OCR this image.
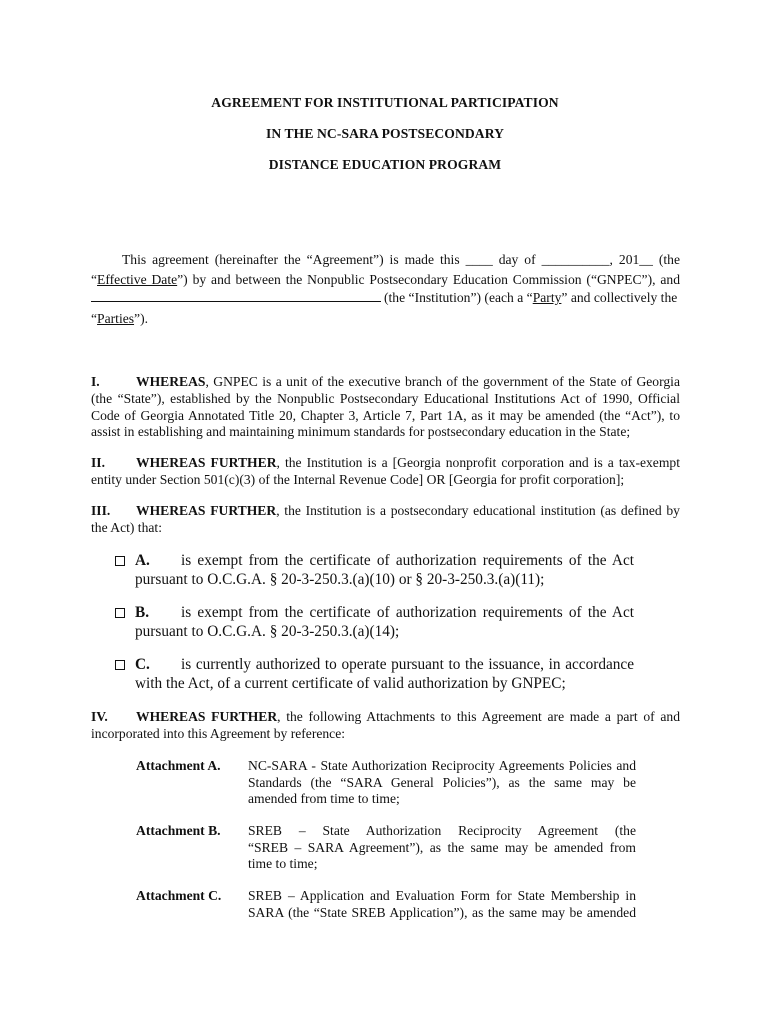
AGREEMENT FOR INSTITUTIONAL PARTICIPATION
IN THE NC-SARA POSTSECONDARY
DISTANCE EDUCATION PROGRAM
This agreement (hereinafter the “Agreement”) is made this ____ day of __________, 201__ (the
“Effective Date”) by and between the Nonpublic Postsecondary Education Commission (“GNPEC”), and
(the “Institution”) (each a “Party” and collectively the
“Parties”).
I.	WHEREAS, GNPEC is a unit of the executive branch of the government of the State of Georgia
(the “State”), established by the Nonpublic Postsecondary Educational Institutions Act of 1990, Official
Code of Georgia Annotated Title 20, Chapter 3, Article 7, Part 1A, as it may be amended (the “Act”), to
assist in establishing and maintaining minimum standards for postsecondary education in the State;
II. WHEREAS FURTHER, the Institution is a [Georgia nonprofit corporation and is a tax-exempt
entity under Section 501(c)(3) of the Internal Revenue Code] OR [Georgia for profit corporation];
III. WHEREAS FURTHER, the Institution is a postsecondary educational institution (as defined by
the Act) that:
A. is exempt from the certificate of authorization requirements of the Act
pursuant to O.C.G.A. § 20-3-250.3.(a)(10) or § 20-3-250.3.(a)(11);
B. is exempt from the certificate of authorization requirements of the Act
pursuant to O.C.G.A. § 20-3-250.3.(a)(14);
C. is currently authorized to operate pursuant to the issuance, in accordance
with the Act, of a current certificate of valid authorization by GNPEC;
IV. WHEREAS FURTHER, the following Attachments to this Agreement are made a part of and
incorporated into this Agreement by reference:
Attachment A. NC-SARA - State Authorization Reciprocity Agreements Policies and
Standards (the “SARA General Policies”), as the same may be
amended from time to time;
Attachment B. SREB – State Authorization Reciprocity Agreement (the
“SREB – SARA Agreement”), as the same may be amended from
time to time;
Attachment C. SREB – Application and Evaluation Form for State Membership in
SARA (the “State SREB Application”), as the same may be amended
